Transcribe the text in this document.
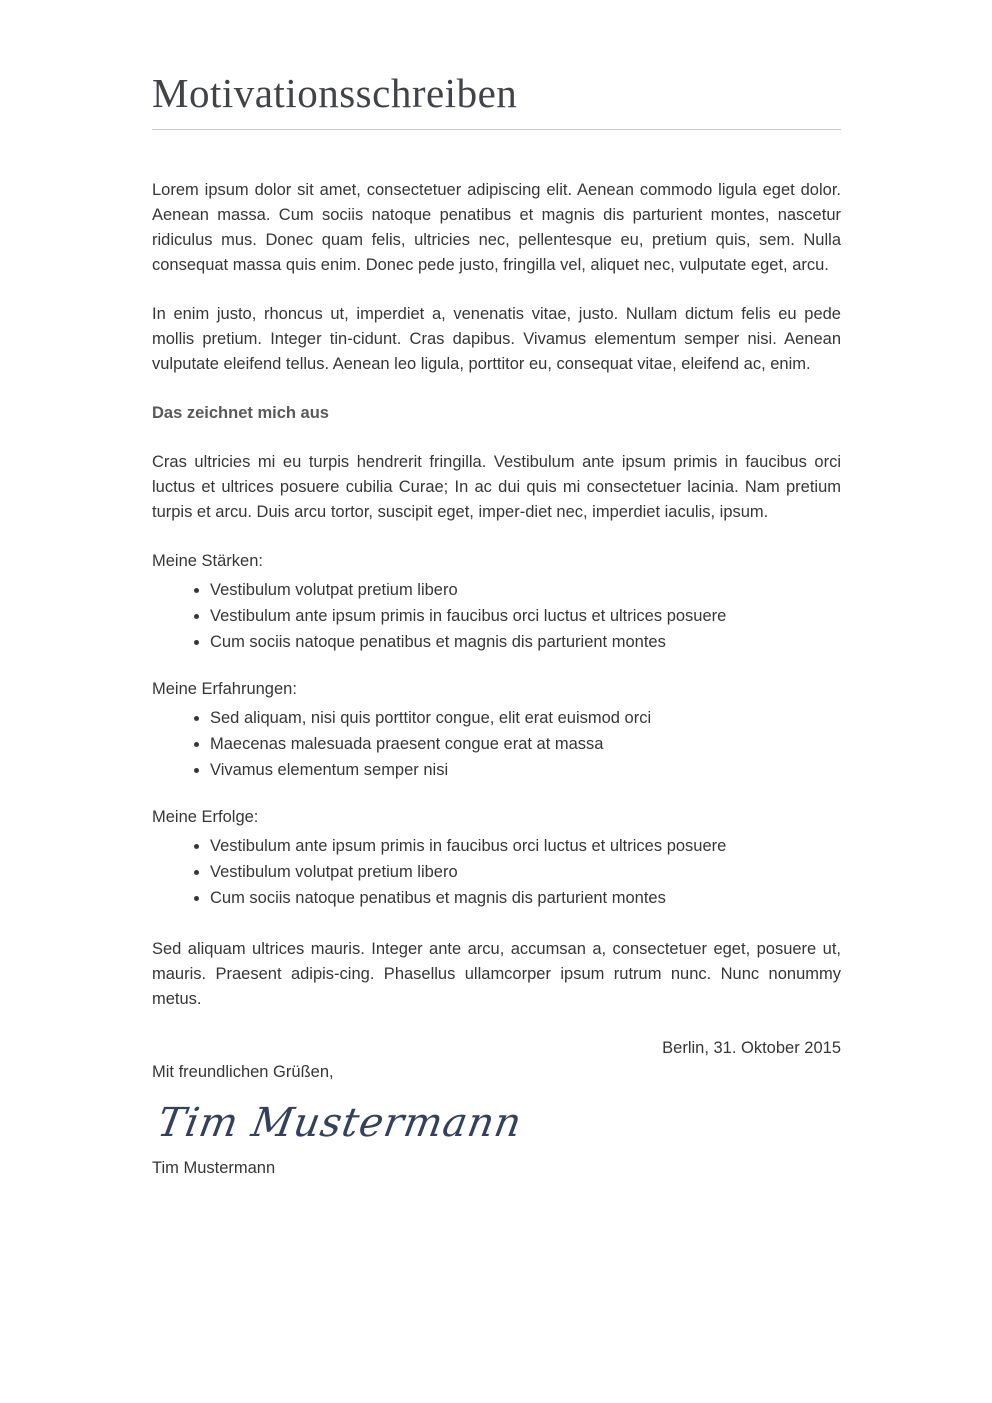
Motivationsschreiben

Lorem ipsum dolor sit amet, consectetuer adipiscing elit. Aenean commodo ligula eget dolor. Aenean massa. Cum sociis natoque penatibus et magnis dis parturient montes, nascetur ridiculus mus. Donec quam felis, ultricies nec, pellentesque eu, pretium quis, sem. Nulla consequat massa quis enim. Donec pede justo, fringilla vel, aliquet nec, vulputate eget, arcu.

In enim justo, rhoncus ut, imperdiet a, venenatis vitae, justo. Nullam dictum felis eu pede mollis pretium. Integer tin-cidunt. Cras dapibus. Vivamus elementum semper nisi. Aenean vulputate eleifend tellus. Aenean leo ligula, porttitor eu, consequat vitae, eleifend ac, enim.

Das zeichnet mich aus

Cras ultricies mi eu turpis hendrerit fringilla. Vestibulum ante ipsum primis in faucibus orci luctus et ultrices posuere cubilia Curae; In ac dui quis mi consectetuer lacinia. Nam pretium turpis et arcu. Duis arcu tortor, suscipit eget, imper-diet nec, imperdiet iaculis, ipsum.

Meine Stärken:

• Vestibulum volutpat pretium libero
• Vestibulum ante ipsum primis in faucibus orci luctus et ultrices posuere
• Cum sociis natoque penatibus et magnis dis parturient montes

Meine Erfahrungen:

• Sed aliquam, nisi quis porttitor congue, elit erat euismod orci
• Maecenas malesuada praesent congue erat at massa
• Vivamus elementum semper nisi

Meine Erfolge:

• Vestibulum ante ipsum primis in faucibus orci luctus et ultrices posuere
• Vestibulum volutpat pretium libero
• Cum sociis natoque penatibus et magnis dis parturient montes

Sed aliquam ultrices mauris. Integer ante arcu, accumsan a, consectetuer eget, posuere ut, mauris. Praesent adipis-cing. Phasellus ullamcorper ipsum rutrum nunc. Nunc nonummy metus.

Berlin, 31. Oktober 2015

Mit freundlichen Grüßen,

Tim Mustermann

Tim Mustermann
